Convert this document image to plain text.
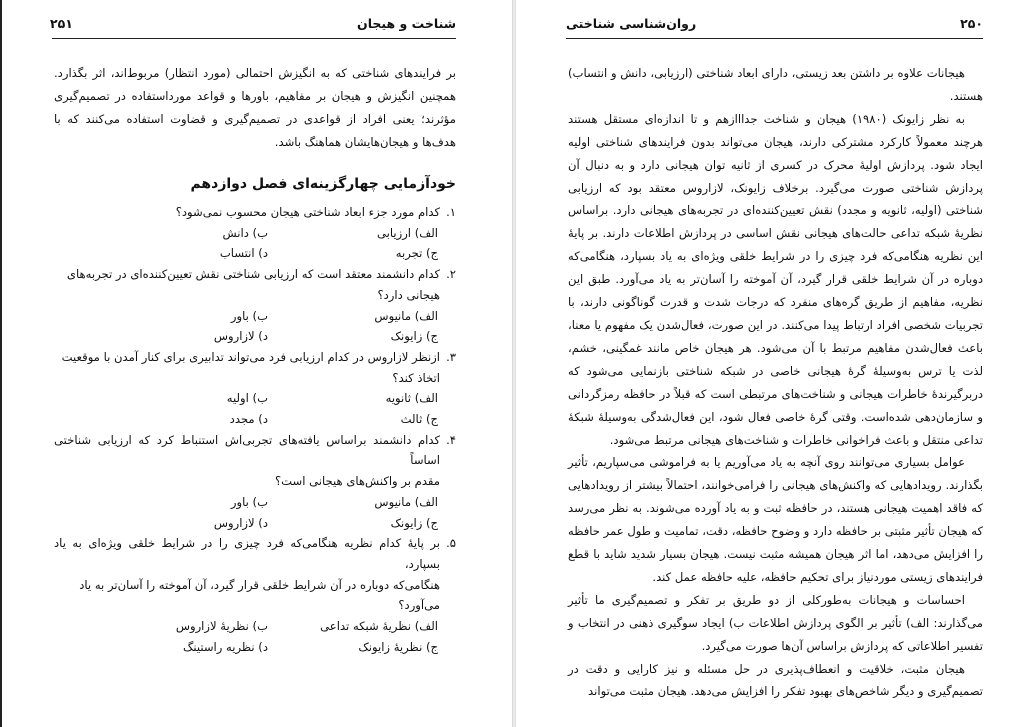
شناخت و هیجان
۲۵۱

بر فرایندهای شناختی که به انگیزش احتمالی (مورد انتظار) مربوط‌اند، اثر بگذارد. همچنین انگیزش و هیجان بر مفاهیم، باورها و قواعد مورداستفاده در تصمیم‌گیری مؤثرند؛ یعنی افراد از قواعدی در تصمیم‌گیری و قضاوت استفاده می‌کنند که با هدف‌ها و هیجان‌هایشان هماهنگ باشد.

خودآزمایی چهارگزینه‌ای فصل دوازدهم
۱.
کدام مورد جزء ابعاد شناختی هیجان محسوب نمی‌شود؟
الف) ارزیابی
ب) دانش
ج) تجربه
د) انتساب
۲.
کدام دانشمند معتقد است که ارزیابی شناختی نقش تعیین‌کننده‌ای در تجربه‌های
هیجانی دارد؟
الف) مانیوس
ب) باور
ج) زایونک
د) لازاروس
۳.
ازنظر لازاروس در کدام ارزیابی فرد می‌تواند تدابیری برای کنار آمدن با موقعیت
اتخاذ کند؟
الف) ثانویه
ب) اولیه
ج) ثالث
د) مجدد
۴.
کدام دانشمند براساس یافته‌های تجربی‌اش استنباط کرد که ارزیابی شناختی اساساً
مقدم بر واکنش‌های هیجانی است؟
الف) مانیوس
ب) باور
ج) زایونک
د) لازاروس
۵.
بر پایهٔ کدام نظریه هنگامی‌که فرد چیزی را در شرایط خلقی ویژه‌ای به یاد بسپارد،
هنگامی‌که دوباره در آن شرایط خلقی قرار گیرد، آن آموخته را آسان‌تر به یاد
می‌آورد؟
الف) نظریهٔ شبکه تداعی
ب) نظریهٔ لازاروس
ج) نظریهٔ زایونک
د) نظریه راستینگ
۲۵۰
روان‌شناسی شناختی

هیجانات علاوه بر داشتن بعد زیستی، دارای ابعاد شناختی (ارزیابی، دانش و انتساب) هستند.

به نظر زایونک (۱۹۸۰) هیجان و شناخت جدااازهم و تا اندازه‌ای مستقل هستند هرچند معمولاً کارکرد مشترکی دارند، هیجان می‌تواند بدون فرایندهای شناختی اولیه ایجاد شود. پردازش اولیهٔ محرک در کسری از ثانیه توان هیجانی دارد و به دنبال آن پردازش شناختی صورت می‌گیرد. برخلاف زایونک، لازاروس معتقد بود که ارزیابی شناختی (اولیه، ثانویه و مجدد) نقش تعیین‌کننده‌ای در تجربه‌های هیجانی دارد. براساس نظریهٔ شبکه تداعی حالت‌های هیجانی نقش اساسی در پردازش اطلاعات دارند. بر پایهٔ این نظریه هنگامی‌که فرد چیزی را در شرایط خلقی ویژه‌ای به یاد بسپارد، هنگامی‌که دوباره در آن شرایط خلقی قرار گیرد، آن آموخته را آسان‌تر به یاد می‌آورد. طبق این نظریه، مفاهیم از طریق گره‌های منفرد که درجات شدت و قدرت گوناگونی دارند، با تجربیات شخصی افراد ارتباط پیدا می‌کنند. در این صورت، فعال‌شدن یک مفهوم یا معنا، باعث فعال‌شدن مفاهیم مرتبط با آن می‌شود. هر هیجان خاص مانند غمگینی، خشم، لذت یا ترس به‌وسیلهٔ گرهٔ هیجانی خاصی در شبکه شناختی بازنمایی می‌شود که دربرگیرندهٔ خاطرات هیجانی و شناخت‌های مرتبطی است که قبلاً در حافظه رمزگردانی و سازمان‌دهی شده‌است. وقتی گرهٔ خاصی فعال شود، این فعال‌شدگی به‌وسیلهٔ شبکهٔ تداعی منتقل و باعث فراخوانی خاطرات و شناخت‌های هیجانی مرتبط می‌شود.

عوامل بسیاری می‌توانند روی آنچه به یاد می‌آوریم یا به فراموشی می‌سپاریم، تأثیر بگذارند. رویدادهایی که واکنش‌های هیجانی را فرامی‌خوانند، احتمالاً بیشتر از رویدادهایی که فاقد اهمیت هیجانی هستند، در حافظه ثبت و به یاد آورده می‌شوند. به نظر می‌رسد که هیجان تأثیر مثبتی بر حافظه دارد و وضوح حافظه، دقت، تمامیت و طول عمر حافظه را افزایش می‌دهد، اما اثر هیجان همیشه مثبت نیست. هیجان بسیار شدید شاید با قطع فرایندهای زیستی موردنیاز برای تحکیم حافظه، علیه حافظه عمل کند.

احساسات و هیجانات به‌طورکلی از دو طریق بر تفکر و تصمیم‌گیری ما تأثیر می‌گذارند: الف) تأثیر بر الگوی پردازش اطلاعات ب) ایجاد سوگیری ذهنی در انتخاب و تفسیر اطلاعاتی که پردازش براساس آن‌ها صورت می‌گیرد.

هیجان مثبت، خلاقیت و انعطاف‌پذیری در حل مسئله و نیز کارایی و دقت در تصمیم‌گیری و دیگر شاخص‌های بهبود تفکر را افزایش می‌دهد. هیجان مثبت می‌تواند
